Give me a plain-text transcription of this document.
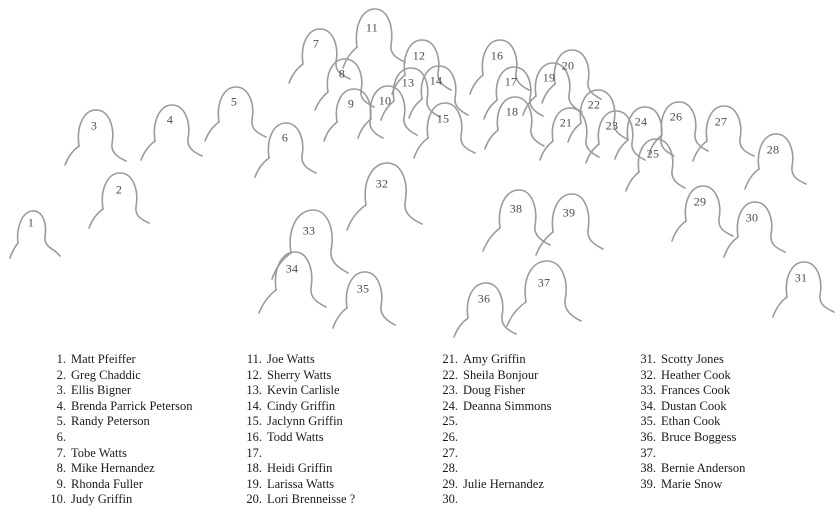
1
2
3	4
5
6
7
8
9 10
11
12
13 14
15
16
17
18
19
20
21
22
23 24
25
26	27
28
29
30
31
32
33
34
35
36
37
38	39
1. Matt Pfeiffer
2. Greg Chaddic
3. Ellis Bigner
4. Brenda Parrick Peterson
5. Randy Peterson
6.
7. Tobe Watts
8. Mike Hernandez
9. Rhonda Fuller
10. Judy Griffin
11. Joe Watts
12. Sherry Watts
13. Kevin Carlisle
14. Cindy Griffin
15. Jaclynn Griffin
16. Todd Watts
17.
18. Heidi Griffin
19. Larissa Watts
20. Lori Brenneisse ?
21. Amy Griffin
22. Sheila Bonjour
23. Doug Fisher
24. Deanna Simmons
25.
26.
27.
28.
29. Julie Hernandez
30.
31. Scotty Jones
32. Heather Cook
33. Frances Cook
34. Dustan Cook
35. Ethan Cook
36. Bruce Boggess
37.
38. Bernie Anderson
39. Marie Snow
